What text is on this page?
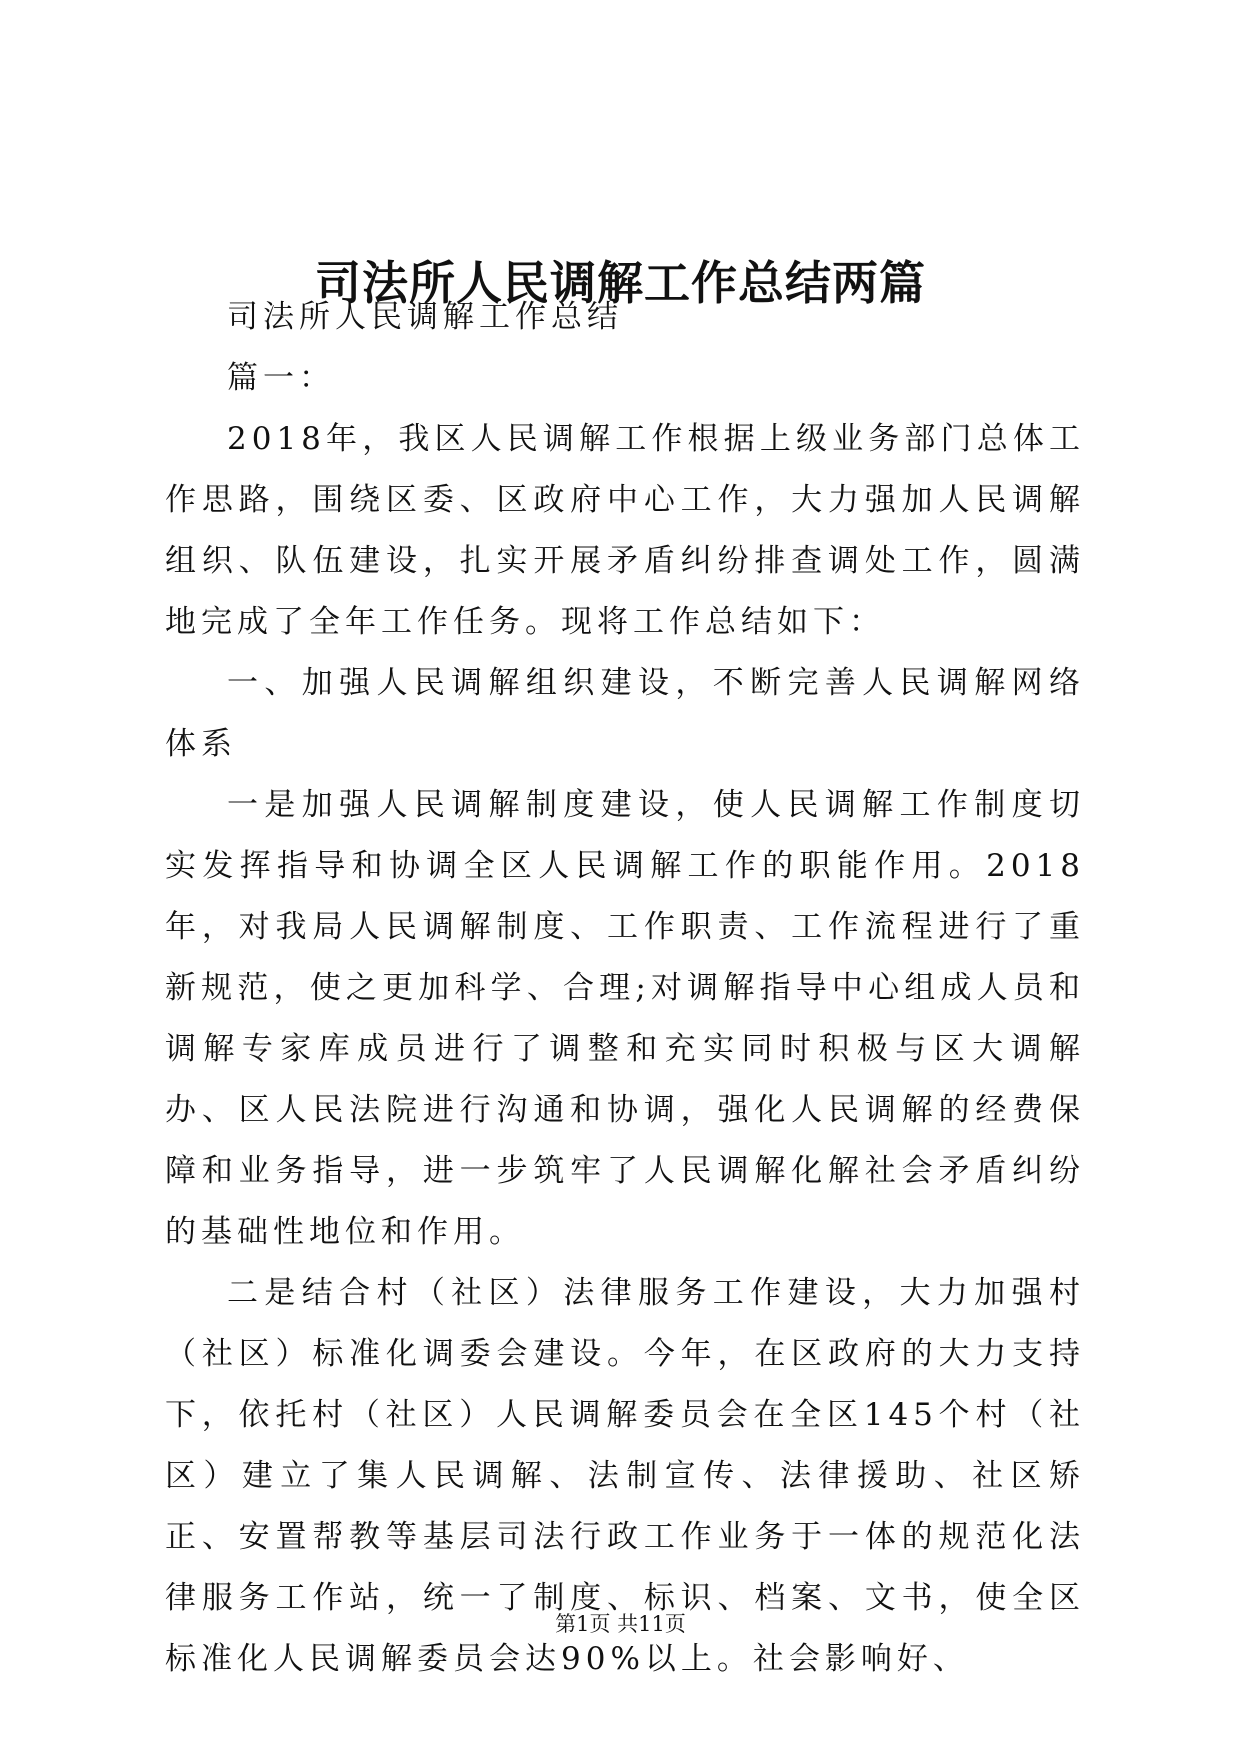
司法所人民调解工作总结两篇

司法所人民调解工作总结

篇一：

2018年，我区人民调解工作根据上级业务部门总体工作思路，围绕区委、区政府中心工作，大力强加人民调解组织、队伍建设，扎实开展矛盾纠纷排查调处工作，圆满地完成了全年工作任务。现将工作总结如下：

一、加强人民调解组织建设，不断完善人民调解网络体系

一是加强人民调解制度建设，使人民调解工作制度切实发挥指导和协调全区人民调解工作的职能作用。2018年，对我局人民调解制度、工作职责、工作流程进行了重新规范，使之更加科学、合理;对调解指导中心组成人员和调解专家库成员进行了调整和充实同时积极与区大调解办、区人民法院进行沟通和协调，强化人民调解的经费保障和业务指导，进一步筑牢了人民调解化解社会矛盾纠纷的基础性地位和作用。

二是结合村（社区）法律服务工作建设，大力加强村（社区）标准化调委会建设。今年，在区政府的大力支持下，依托村（社区）人民调解委员会在全区145个村（社区）建立了集人民调解、法制宣传、法律援助、社区矫正、安置帮教等基层司法行政工作业务于一体的规范化法律服务工作站，统一了制度、标识、档案、文书，使全区标准化人民调解委员会达90%以上。社会影响好、

第1页 共11页
